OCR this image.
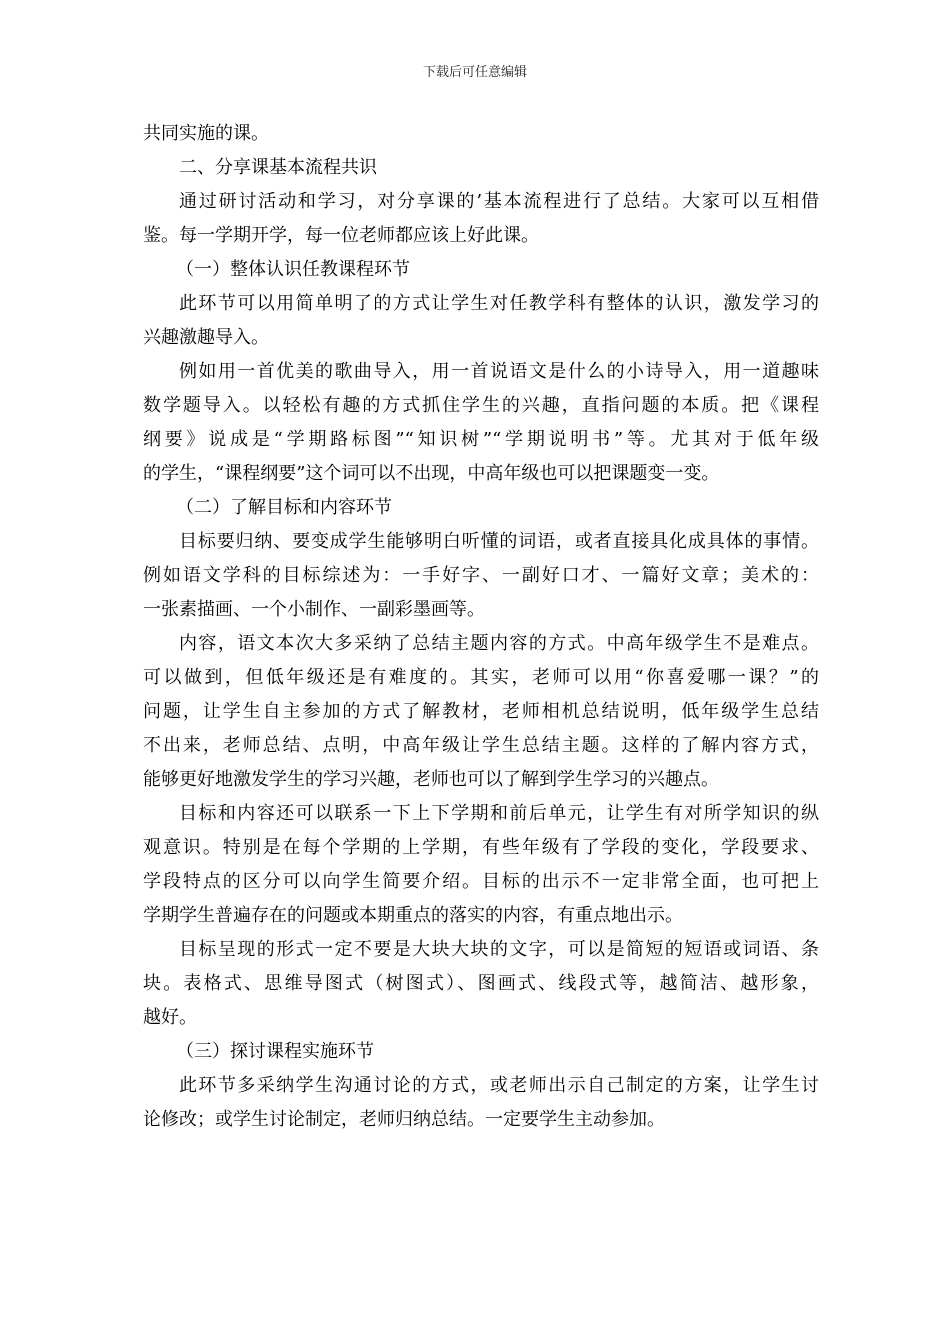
下载后可任意编辑
共同实施的课。
二、分享课基本流程共识
通过研讨活动和学习，对分享课的’基本流程进行了总结。大家可以互相借
鉴。每一学期开学，每一位老师都应该上好此课。
（一）整体认识任教课程环节
此环节可以用简单明了的方式让学生对任教学科有整体的认识，激发学习的
兴趣激趣导入。
例如用一首优美的歌曲导入，用一首说语文是什么的小诗导入，用一道趣味
数学题导入。以轻松有趣的方式抓住学生的兴趣，直指问题的本质。把《课程
纲要》说成是“学期路标图”“知识树”“学期说明书”等。尤其对于低年级
的学生，“课程纲要”这个词可以不出现，中高年级也可以把课题变一变。
（二）了解目标和内容环节
目标要归纳、要变成学生能够明白听懂的词语，或者直接具化成具体的事情。
例如语文学科的目标综述为：一手好字、一副好口才、一篇好文章；美术的：
一张素描画、一个小制作、一副彩墨画等。
内容，语文本次大多采纳了总结主题内容的方式。中高年级学生不是难点。
可以做到，但低年级还是有难度的。其实，老师可以用“你喜爱哪一课？”的
问题，让学生自主参加的方式了解教材，老师相机总结说明，低年级学生总结
不出来，老师总结、点明，中高年级让学生总结主题。这样的了解内容方式，
能够更好地激发学生的学习兴趣，老师也可以了解到学生学习的兴趣点。
目标和内容还可以联系一下上下学期和前后单元，让学生有对所学知识的纵
观意识。特别是在每个学期的上学期，有些年级有了学段的变化，学段要求、
学段特点的区分可以向学生简要介绍。目标的出示不一定非常全面，也可把上
学期学生普遍存在的问题或本期重点的落实的内容，有重点地出示。
目标呈现的形式一定不要是大块大块的文字，可以是简短的短语或词语、条
块。表格式、思维导图式（树图式）、图画式、线段式等，越简洁、越形象，
越好。
（三）探讨课程实施环节
此环节多采纳学生沟通讨论的方式，或老师出示自己制定的方案，让学生讨
论修改；或学生讨论制定，老师归纳总结。一定要学生主动参加。
